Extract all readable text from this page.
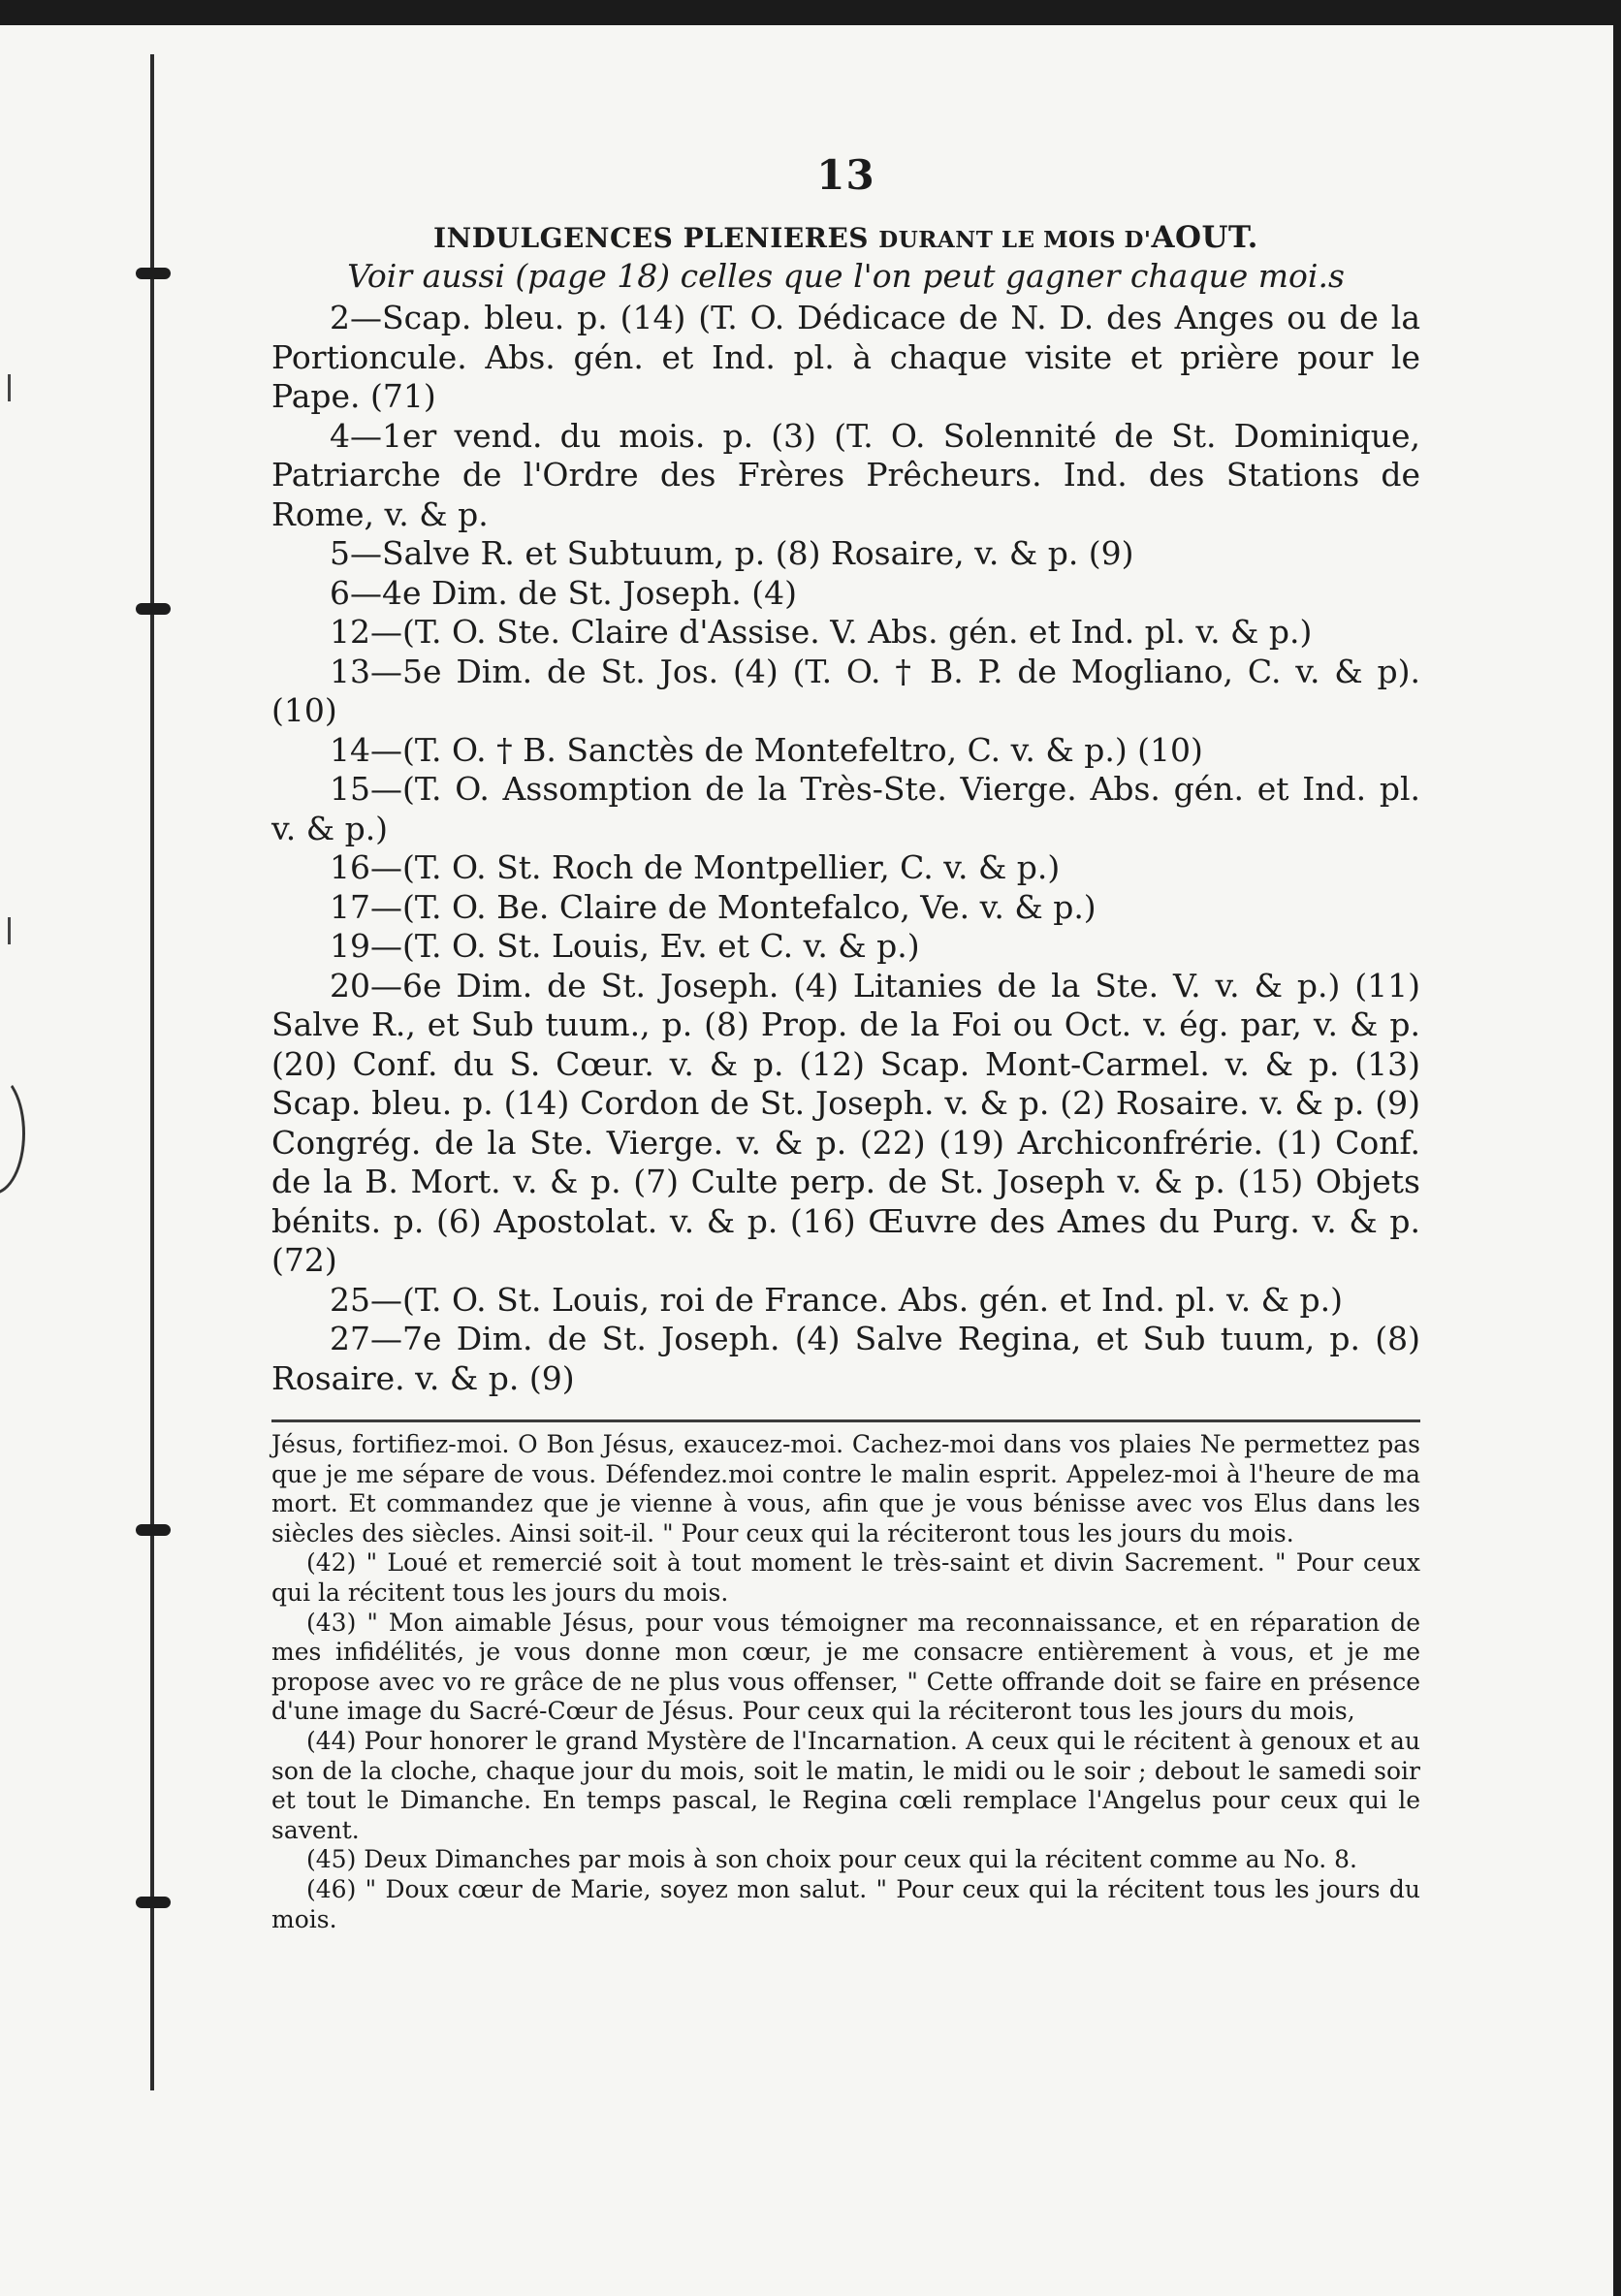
13
INDULGENCES PLENIERES DURANT LE MOIS D'AOUT.
Voir aussi (page 18) celles que l'on peut gagner chaque moi.s
2—Scap. bleu. p. (14) (T. O. Dédicace de N. D. des Anges ou de la Portioncule. Abs. gén. et Ind. pl. à chaque visite et prière pour le Pape. (71)
4—1er vend. du mois. p. (3) (T. O. Solennité de St. Dominique, Patriarche de l'Ordre des Frères Prêcheurs. Ind. des Stations de Rome, v. & p.
5—Salve R. et Subtuum, p. (8) Rosaire, v. & p. (9)
6—4e Dim. de St. Joseph. (4)
12—(T. O. Ste. Claire d'Assise. V. Abs. gén. et Ind. pl. v. & p.)
13—5e Dim. de St. Jos. (4) (T. O. † B. P. de Mogliano, C. v. & p). (10)
14—(T. O. † B. Sanctès de Montefeltro, C. v. & p.) (10)
15—(T. O. Assomption de la Très-Ste. Vierge. Abs. gén. et Ind. pl. v. & p.)
16—(T. O. St. Roch de Montpellier, C. v. & p.)
17—(T. O. Be. Claire de Montefalco, Ve. v. & p.)
19—(T. O. St. Louis, Ev. et C. v. & p.)
20—6e Dim. de St. Joseph. (4) Litanies de la Ste. V. v. & p.) (11) Salve R., et Sub tuum., p. (8) Prop. de la Foi ou Oct. v. ég. par, v. & p. (20) Conf. du S. Cœur. v. & p. (12) Scap. Mont-Carmel. v. & p. (13) Scap. bleu. p. (14) Cordon de St. Joseph. v. & p. (2) Rosaire. v. & p. (9) Congrég. de la Ste. Vierge. v. & p. (22) (19) Archiconfrérie. (1) Conf. de la B. Mort. v. & p. (7) Culte perp. de St. Joseph v. & p. (15) Objets bénits. p. (6) Apostolat. v. & p. (16) Œuvre des Ames du Purg. v. & p. (72)
25—(T. O. St. Louis, roi de France. Abs. gén. et Ind. pl. v. & p.)
27—7e Dim. de St. Joseph. (4) Salve Regina, et Sub tuum, p. (8) Rosaire. v. & p. (9)
Jésus, fortifiez-moi. O Bon Jésus, exaucez-moi. Cachez-moi dans vos plaies Ne permettez pas que je me sépare de vous. Défendez.moi contre le malin esprit. Appelez-moi à l'heure de ma mort. Et commandez que je vienne à vous, afin que je vous bénisse avec vos Elus dans les siècles des siècles. Ainsi soit-il. " Pour ceux qui la réciteront tous les jours du mois.
(42) " Loué et remercié soit à tout moment le très-saint et divin Sacrement. " Pour ceux qui la récitent tous les jours du mois.
(43) " Mon aimable Jésus, pour vous témoigner ma reconnaissance, et en réparation de mes infidélités, je vous donne mon cœur, je me consacre entièrement à vous, et je me propose avec vo re grâce de ne plus vous offenser, " Cette offrande doit se faire en présence d'une image du Sacré-Cœur de Jésus. Pour ceux qui la réciteront tous les jours du mois,
(44) Pour honorer le grand Mystère de l'Incarnation. A ceux qui le récitent à genoux et au son de la cloche, chaque jour du mois, soit le matin, le midi ou le soir ; debout le samedi soir et tout le Dimanche. En temps pascal, le Regina cœli remplace l'Angelus pour ceux qui le savent.
(45) Deux Dimanches par mois à son choix pour ceux qui la récitent comme au No. 8.
(46) " Doux cœur de Marie, soyez mon salut. " Pour ceux qui la récitent tous les jours du mois.
